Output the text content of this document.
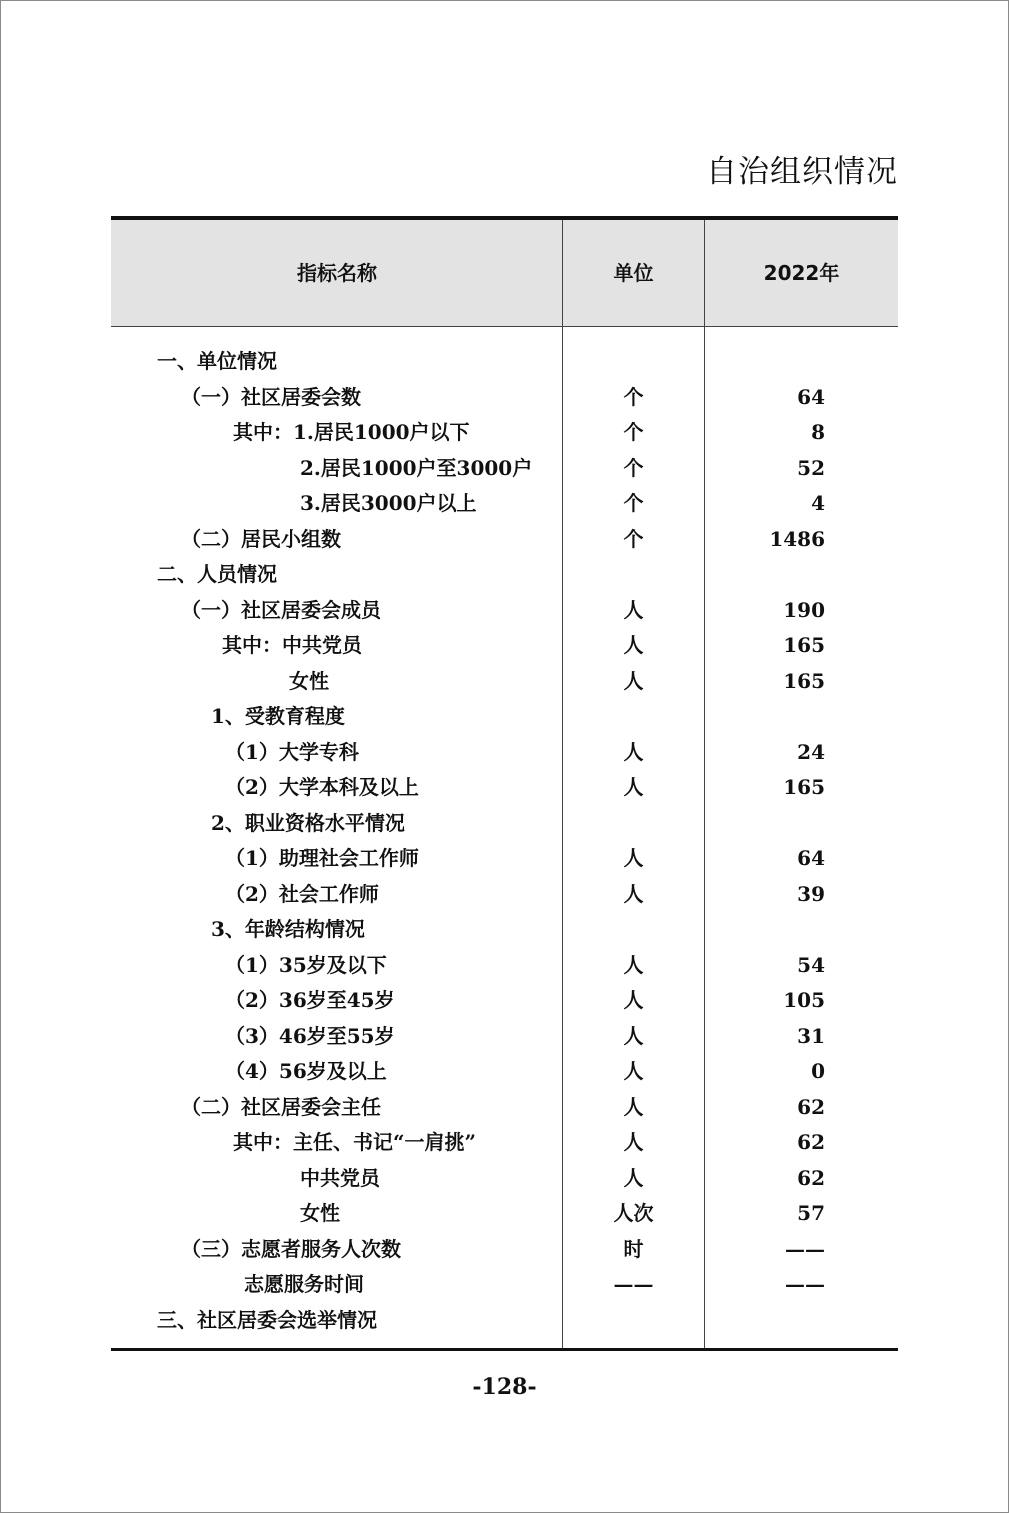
自治组织情况
指标名称	单位	2022年
一、单位情况
（一）社区居委会数	个	64
其中：1.居民1000户以下	个	8
2.居民1000户至3000户	个	52
3.居民3000户以上	个	4
（二）居民小组数	个	1486
二、人员情况
（一）社区居委会成员	人	190
其中：中共党员	人	165
女性	人	165
1、受教育程度
（1）大学专科	人	24
（2）大学本科及以上	人	165
2、职业资格水平情况
（1）助理社会工作师	人	64
（2）社会工作师	人	39
3、年龄结构情况
（1）35岁及以下	人	54
（2）36岁至45岁	人	105
（3）46岁至55岁	人	31
（4）56岁及以上	人	0
（二）社区居委会主任	人	62
其中：主任、书记“一肩挑”	人	62
中共党员	人	62
女性	人次	57
（三）志愿者服务人次数	时	——
志愿服务时间	——	——
三、社区居委会选举情况
-128-
